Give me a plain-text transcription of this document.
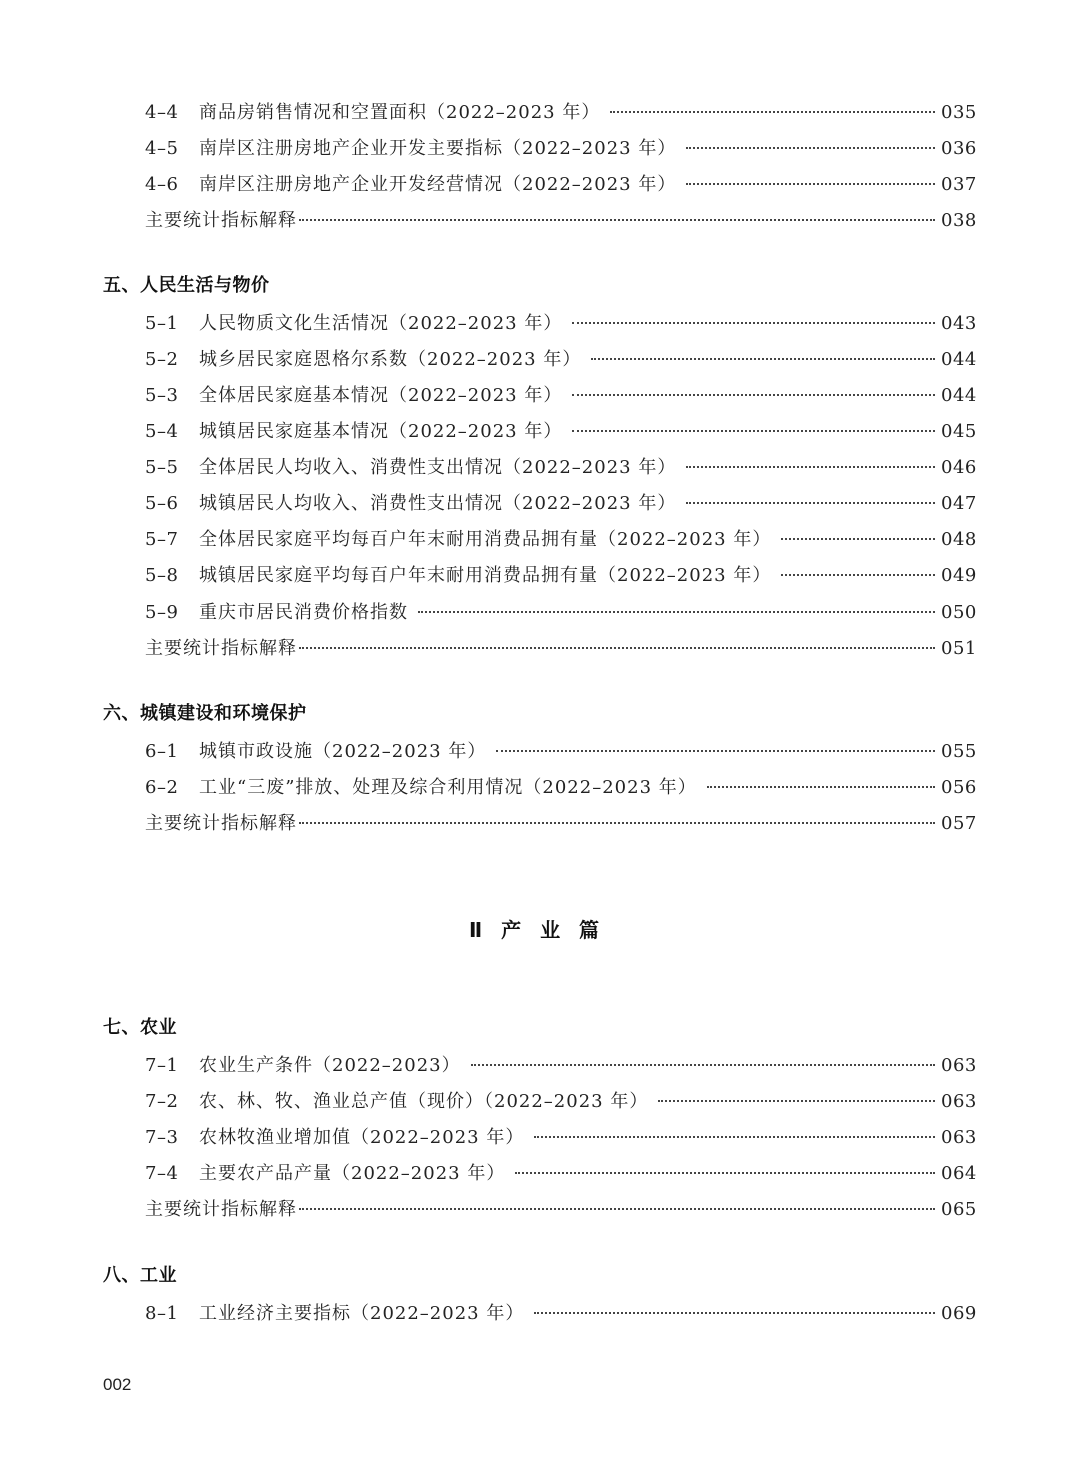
4–4	商品房销售情况和空置面积（2022–2023 年）	035
4–5	南岸区注册房地产企业开发主要指标（2022–2023 年）	036
4–6	南岸区注册房地产企业开发经营情况（2022–2023 年）	037
主要统计指标解释	038
五、人民生活与物价
5–1	人民物质文化生活情况（2022–2023 年）	043
5–2	城乡居民家庭恩格尔系数（2022–2023 年）	044
5–3	全体居民家庭基本情况（2022–2023 年）	044
5–4	城镇居民家庭基本情况（2022–2023 年）	045
5–5	全体居民人均收入、消费性支出情况（2022–2023 年）	046
5–6	城镇居民人均收入、消费性支出情况（2022–2023 年）	047
5–7	全体居民家庭平均每百户年末耐用消费品拥有量（2022–2023 年）	048
5–8	城镇居民家庭平均每百户年末耐用消费品拥有量（2022–2023 年）	049
5–9	重庆市居民消费价格指数	050
主要统计指标解释	051
六、城镇建设和环境保护
6–1	城镇市政设施（2022–2023 年）	055
6–2	工业“三废”排放、处理及综合利用情况（2022–2023 年）	056
主要统计指标解释	057
Ⅱ 产 业 篇
七、农业
7–1	农业生产条件（2022–2023）	063
7–2	农、林、牧、渔业总产值（现价）（2022–2023 年）	063
7–3	农林牧渔业增加值（2022–2023 年）	063
7–4	主要农产品产量（2022–2023 年）	064
主要统计指标解释	065
八、工业
8–1	工业经济主要指标（2022–2023 年）	069
002
